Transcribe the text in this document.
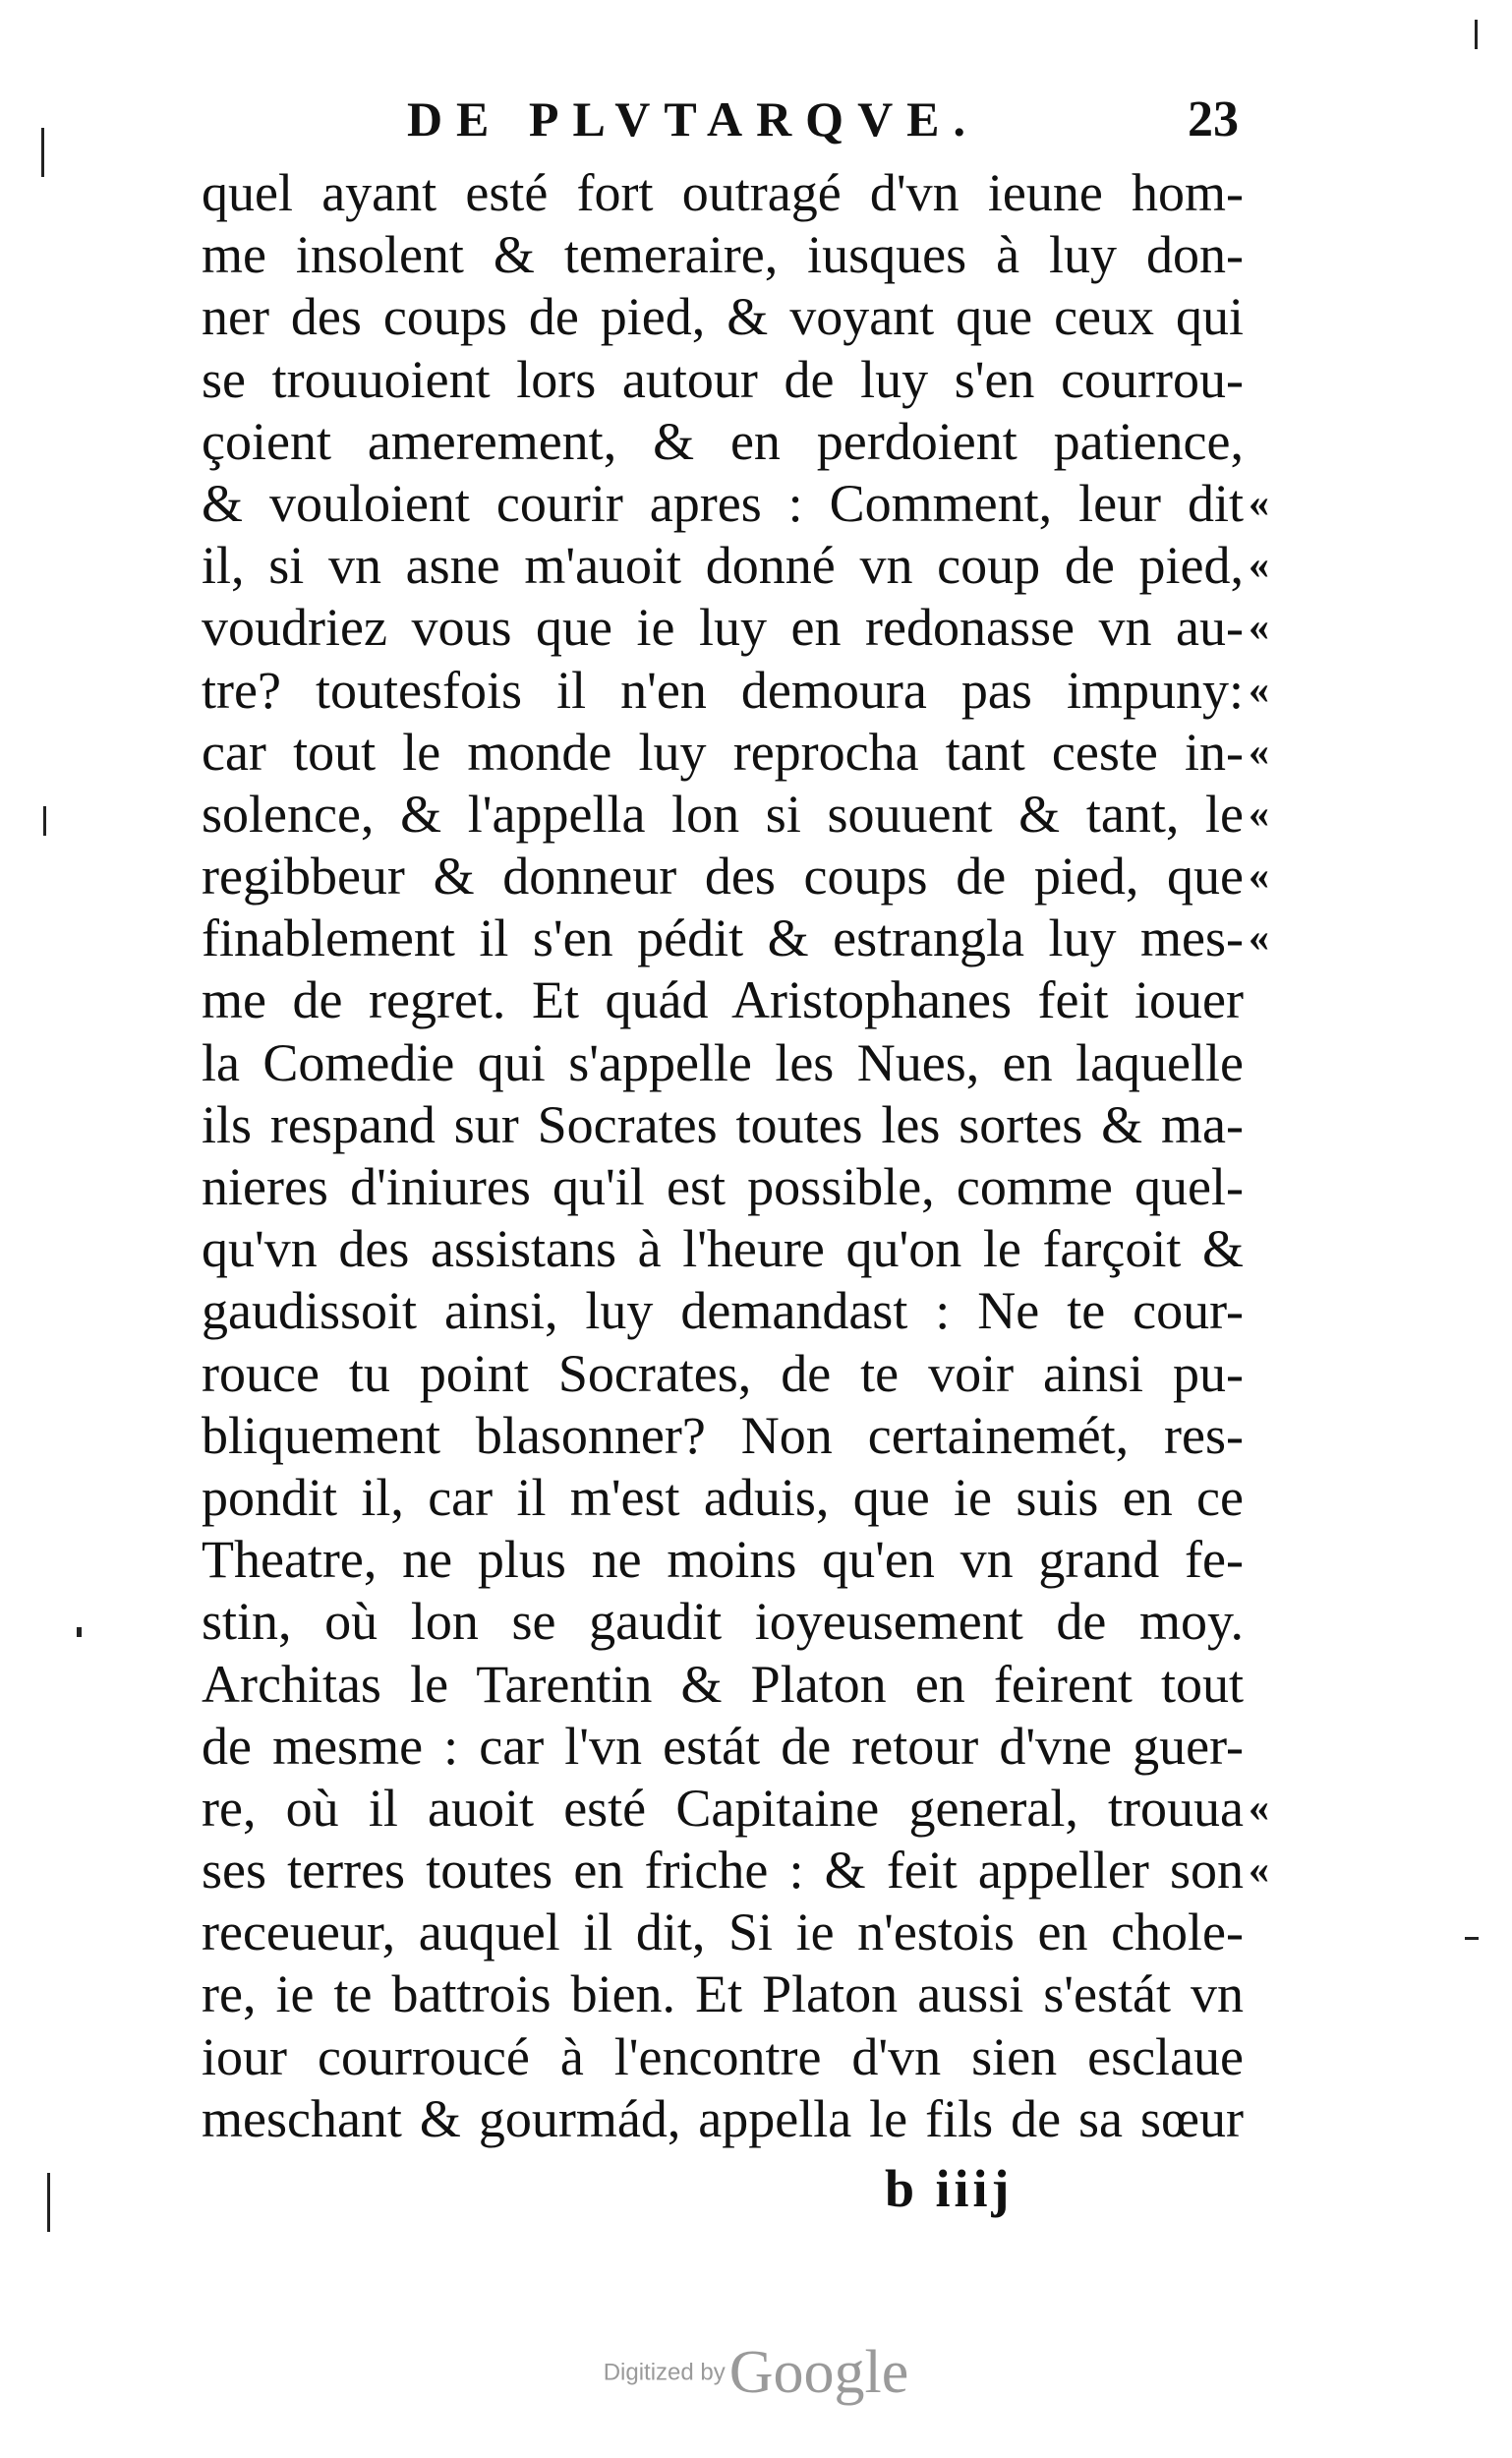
DE PLVTARQVE.	23
quel ayant esté fort outragé d'vn ieune hom-
me insolent & temeraire, iusques à luy don-
ner des coups de pied, & voyant que ceux qui
se trouuoient lors autour de luy s'en courrou-
çoient amerement, & en perdoient patience,
& vouloient courir apres : Comment, leur dit
il, si vn asne m'auoit donné vn coup de pied,
voudriez vous que ie luy en redonasse vn au-
tre? toutesfois il n'en demoura pas impuny:
car tout le monde luy reprocha tant ceste in-
solence, & l'appella lon si souuent & tant, le
regibbeur & donneur des coups de pied, que
finablement il s'en pédit & estrangla luy mes-
me de regret. Et quád Aristophanes feit iouer
la Comedie qui s'appelle les Nues, en laquelle
ils respand sur Socrates toutes les sortes & ma-
nieres d'iniures qu'il est possible, comme quel-
qu'vn des assistans à l'heure qu'on le farçoit &
gaudissoit ainsi, luy demandast : Ne te cour-
rouce tu point Socrates, de te voir ainsi pu-
bliquement blasonner? Non certainemét, res-
pondit il, car il m'est aduis, que ie suis en ce
Theatre, ne plus ne moins qu'en vn grand fe-
stin, où lon se gaudit ioyeusement de moy.
Architas le Tarentin & Platon en feirent tout
de mesme : car l'vn estát de retour d'vne guer-
re, où il auoit esté Capitaine general, trouua
ses terres toutes en friche : & feit appeller son
receueur, auquel il dit, Si ie n'estois en chole-
re, ie te battrois bien. Et Platon aussi s'estát vn
iour courroucé à l'encontre d'vn sien esclaue
meschant & gourmád, appella le fils de sa sœur
«
«
«
«
«
«
«
«
«
«
b iiij
Digitized by Google
